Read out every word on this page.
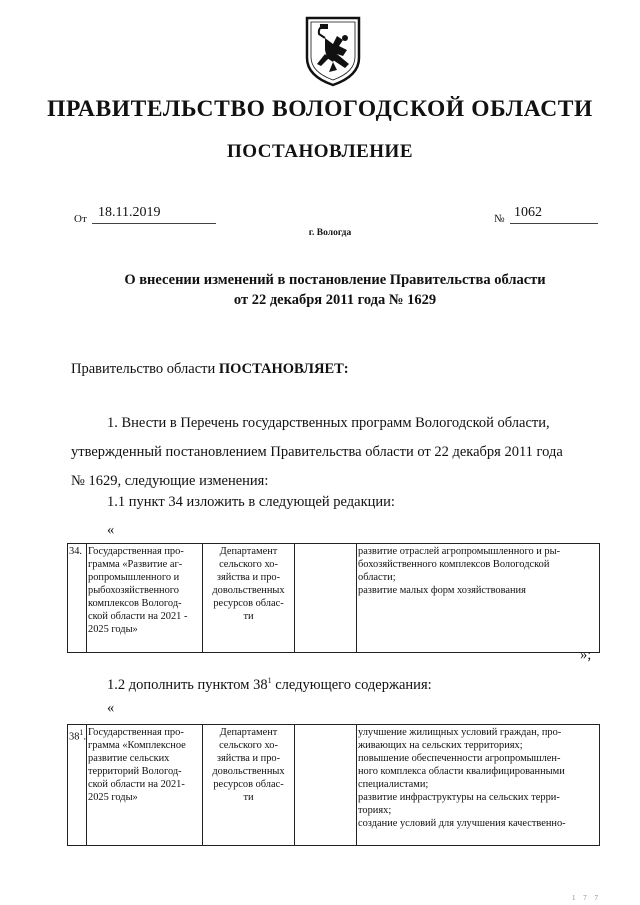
ПРАВИТЕЛЬСТВО ВОЛОГОДСКОЙ ОБЛАСТИ
ПОСТАНОВЛЕНИЕ
От 18.11.2019	№ 1062
г. Вологда
О внесении изменений в постановление Правительства области
от 22 декабря 2011 года № 1629
Правительство области ПОСТАНОВЛЯЕТ:
1. Внести в Перечень государственных программ Вологодской области,
утвержденный постановлением Правительства области от 22 декабря 2011 года
№ 1629, следующие изменения:
1.1 пункт 34 изложить в следующей редакции:
«
34.	Государственная про-
грамма «Развитие аг-
ропромышленного и
рыбохозяйственного
комплексов Вологод-
ской области на 2021 -
2025 годы»

Департамент
сельского хо-
зяйства и про-
довольственных
ресурсов облас-
ти

развитие отраслей агропромышленного и ры-
бохозяйственного комплексов Вологодской
области;
развитие малых форм хозяйствования
»;
1.2 дополнить пунктом $38^1$ следующего содержания:
«
$38^1$.	Государственная про-
грамма «Комплексное
развитие сельских
территорий Вологод-
ской области на 2021-
2025 годы»

Департамент
сельского хо-
зяйства и про-
довольственных
ресурсов облас-
ти

улучшение жилищных условий граждан, про-
живающих на сельских территориях;
повышение обеспеченности агропромышлен-
ного комплекса области квалифицированными
специалистами;
развитие инфраструктуры на сельских терри-
ториях;
создание условий для улучшения качественно-
1 7 7
